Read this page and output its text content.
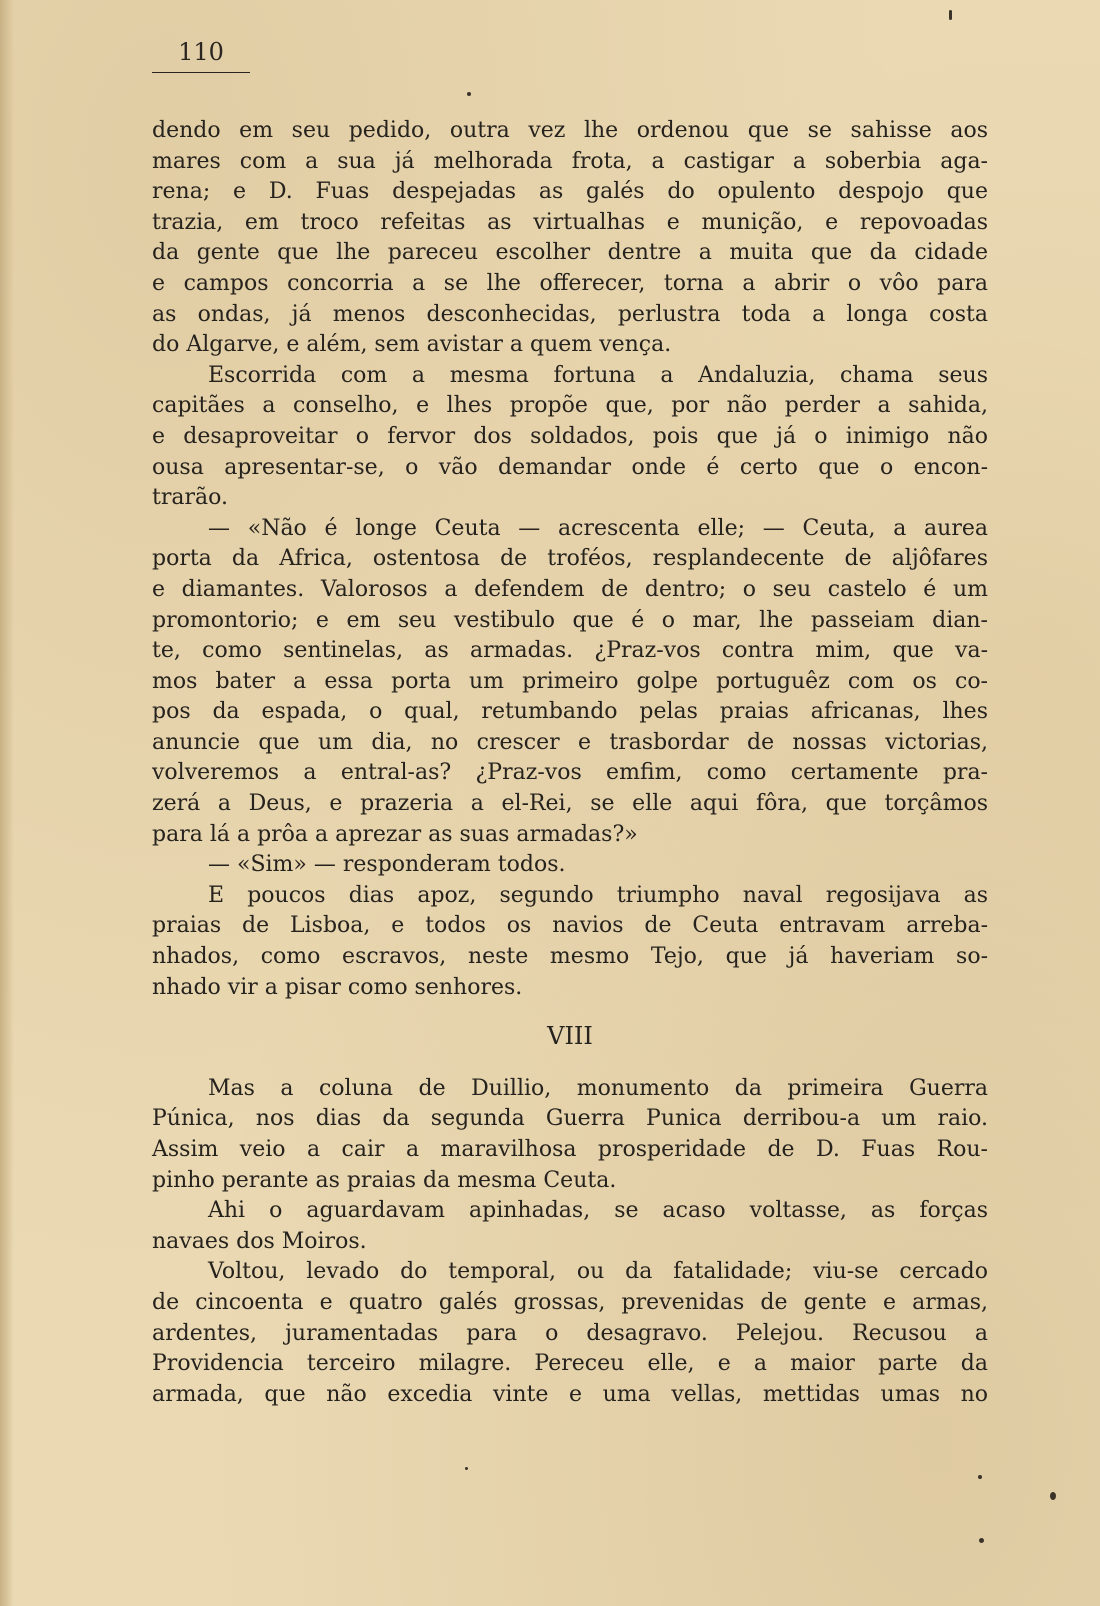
110
dendo em seu pedido, outra vez lhe ordenou que se sahisse aos
mares com a sua já melhorada frota, a castigar a soberbia aga-
rena; e D. Fuas despejadas as galés do opulento despojo que
trazia, em troco refeitas as virtualhas e munição, e repovoadas
da gente que lhe pareceu escolher dentre a muita que da cidade
e campos concorria a se lhe offerecer, torna a abrir o vôo para
as ondas, já menos desconhecidas, perlustra toda a longa costa
do Algarve, e além, sem avistar a quem vença.
Escorrida com a mesma fortuna a Andaluzia, chama seus
capitães a conselho, e lhes propõe que, por não perder a sahida,
e desaproveitar o fervor dos soldados, pois que já o inimigo não
ousa apresentar-se, o vão demandar onde é certo que o encon-
trarão.
— «Não é longe Ceuta — acrescenta elle; — Ceuta, a aurea
porta da Africa, ostentosa de troféos, resplandecente de aljôfares
e diamantes. Valorosos a defendem de dentro; o seu castelo é um
promontorio; e em seu vestibulo que é o mar, lhe passeiam dian-
te, como sentinelas, as armadas. ¿Praz-vos contra mim, que va-
mos bater a essa porta um primeiro golpe portuguêz com os co-
pos da espada, o qual, retumbando pelas praias africanas, lhes
anuncie que um dia, no crescer e trasbordar de nossas victorias,
volveremos a entral-as? ¿Praz-vos emfim, como certamente pra-
zerá a Deus, e prazeria a el-Rei, se elle aqui fôra, que torçâmos
para lá a prôa a aprezar as suas armadas?»
— «Sim» — responderam todos.
E poucos dias apoz, segundo triumpho naval regosijava as
praias de Lisboa, e todos os navios de Ceuta entravam arreba-
nhados, como escravos, neste mesmo Tejo, que já haveriam so-
nhado vir a pisar como senhores.
VIII
Mas a coluna de Duillio, monumento da primeira Guerra
Púnica, nos dias da segunda Guerra Punica derribou-a um raio.
Assim veio a cair a maravilhosa prosperidade de D. Fuas Rou-
pinho perante as praias da mesma Ceuta.
Ahi o aguardavam apinhadas, se acaso voltasse, as forças
navaes dos Moiros.
Voltou, levado do temporal, ou da fatalidade; viu-se cercado
de cincoenta e quatro galés grossas, prevenidas de gente e armas,
ardentes, juramentadas para o desagravo. Pelejou. Recusou a
Providencia terceiro milagre. Pereceu elle, e a maior parte da
armada, que não excedia vinte e uma vellas, mettidas umas no
